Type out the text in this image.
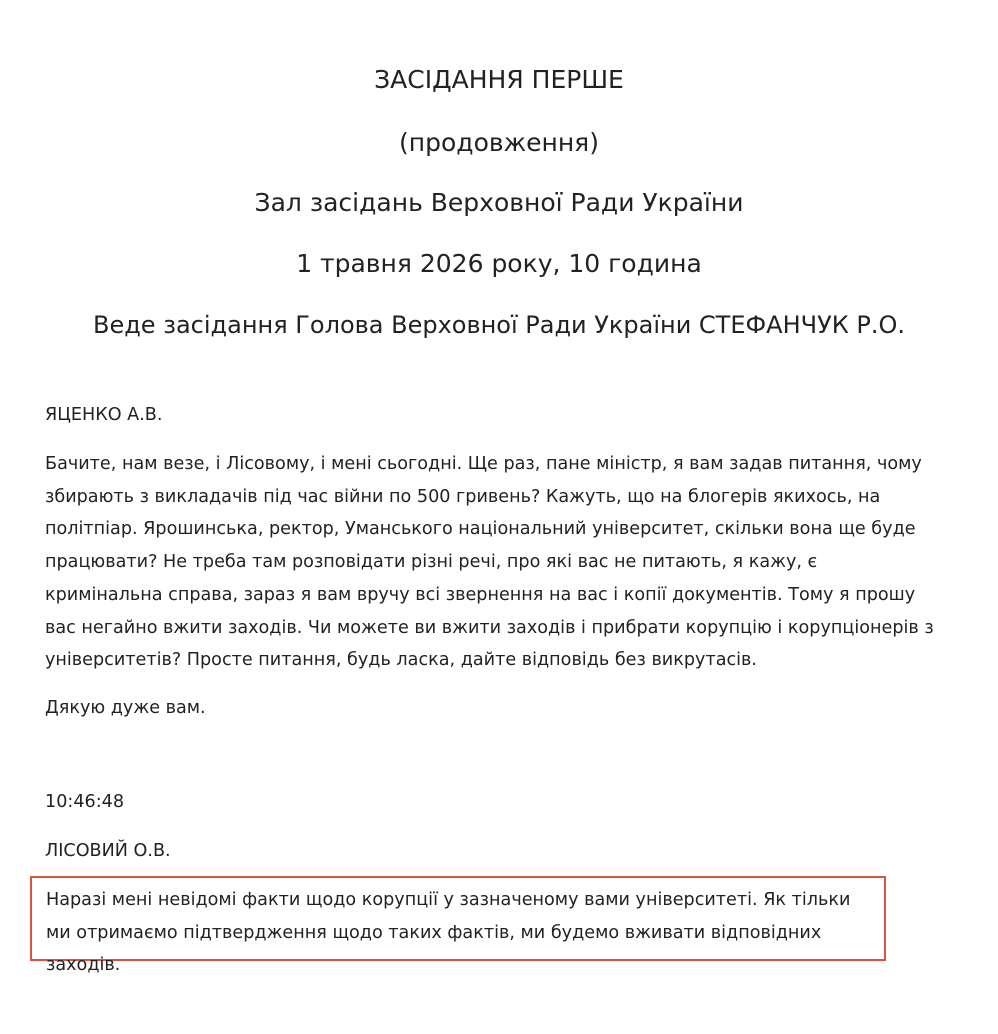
ЗАСІДАННЯ ПЕРШЕ
(продовження)
Зал засідань Верховної Ради України
1 травня 2026 року, 10 година
Веде засідання Голова Верховної Ради України СТЕФАНЧУК Р.О.
ЯЦЕНКО А.В.
Бачите, нам везе, і Лісовому, і мені сьогодні. Ще раз, пане міністр, я вам задав питання, чому збирають з викладачів під час війни по 500 гривень? Кажуть, що на блогерів якихось, на політпіар. Ярошинська, ректор, Уманського національний університет, скільки вона ще буде працювати? Не треба там розповідати різні речі, про які вас не питають, я кажу, є кримінальна справа, зараз я вам вручу всі звернення на вас і копії документів. Тому я прошу вас негайно вжити заходів. Чи можете ви вжити заходів і прибрати корупцію і корупціонерів з університетів? Просте питання, будь ласка, дайте відповідь без викрутасів.
Дякую дуже вам.
10:46:48
ЛІСОВИЙ О.В.
Наразі мені невідомі факти щодо корупції у зазначеному вами університеті. Як тільки ми отримаємо підтвердження щодо таких фактів, ми будемо вживати відповідних заходів.
